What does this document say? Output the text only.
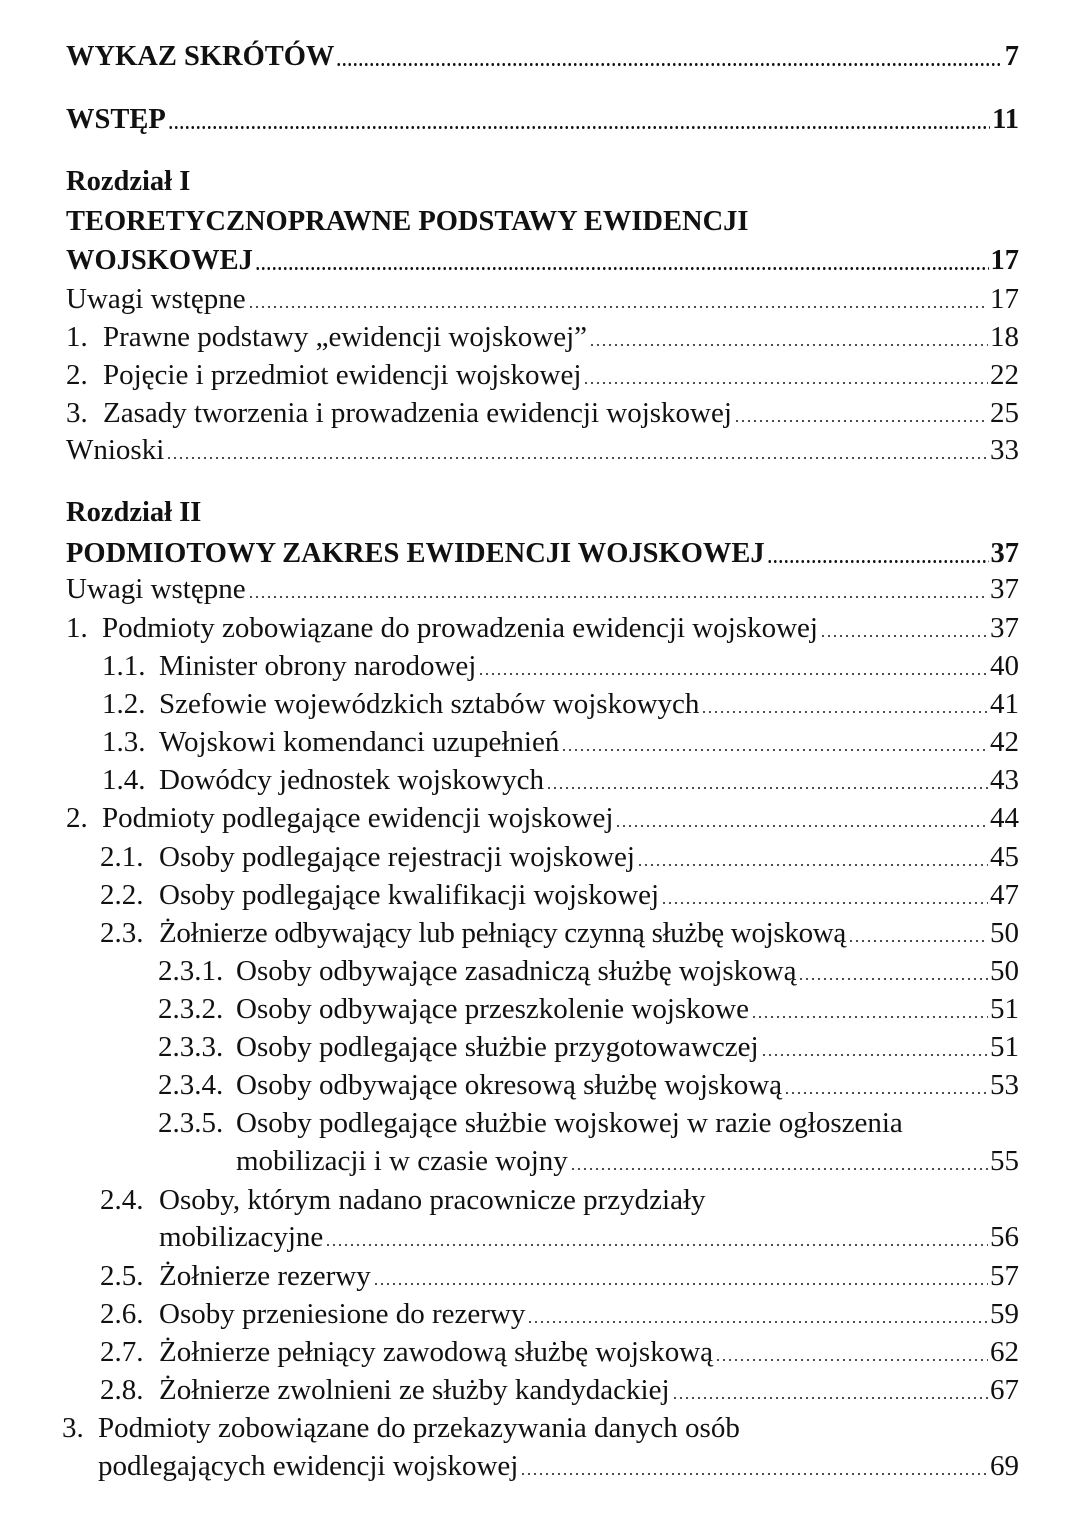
WYKAZ SKRÓTÓW	7
WSTĘP	11
Rozdział I
TEORETYCZNOPRAWNE PODSTAWY EWIDENCJI
WOJSKOWEJ	17
Uwagi wstępne	17
1. Prawne podstawy „ewidencji wojskowej”	18
2. Pojęcie i przedmiot ewidencji wojskowej	22
3. Zasady tworzenia i prowadzenia ewidencji wojskowej	25
Wnioski	33
Rozdział II
PODMIOTOWY ZAKRES EWIDENCJI WOJSKOWEJ	37
Uwagi wstępne	37
1. Podmioty zobowiązane do prowadzenia ewidencji wojskowej	37
1.1. Minister obrony narodowej	40
1.2. Szefowie wojewódzkich sztabów wojskowych	41
1.3. Wojskowi komendanci uzupełnień	42
1.4. Dowódcy jednostek wojskowych	43
2. Podmioty podlegające ewidencji wojskowej	44
2.1. Osoby podlegające rejestracji wojskowej	45
2.2. Osoby podlegające kwalifikacji wojskowej	47
2.3. Żołnierze odbywający lub pełniący czynną służbę wojskową	50
2.3.1. Osoby odbywające zasadniczą służbę wojskową	50
2.3.2. Osoby odbywające przeszkolenie wojskowe	51
2.3.3. Osoby podlegające służbie przygotowawczej	51
2.3.4. Osoby odbywające okresową służbę wojskową	53
2.3.5. Osoby podlegające służbie wojskowej w razie ogłoszenia
mobilizacji i w czasie wojny	55
2.4. Osoby, którym nadano pracownicze przydziały
mobilizacyjne	56
2.5. Żołnierze rezerwy	57
2.6. Osoby przeniesione do rezerwy	59
2.7. Żołnierze pełniący zawodową służbę wojskową	62
2.8. Żołnierze zwolnieni ze służby kandydackiej	67
3. Podmioty zobowiązane do przekazywania danych osób
podlegających ewidencji wojskowej	69
